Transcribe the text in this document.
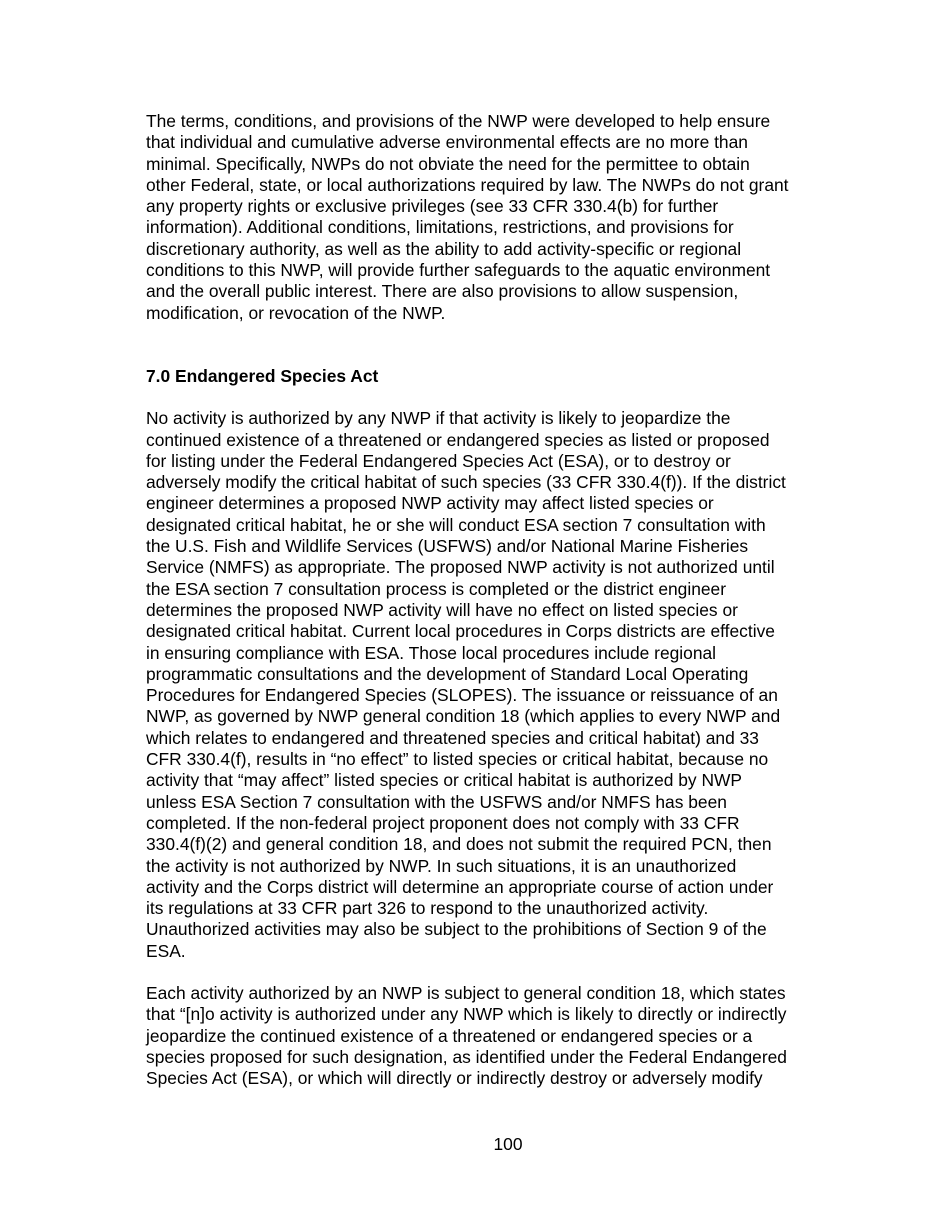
The terms, conditions, and provisions of the NWP were developed to help ensure
that individual and cumulative adverse environmental effects are no more than
minimal. Specifically, NWPs do not obviate the need for the permittee to obtain
other Federal, state, or local authorizations required by law. The NWPs do not grant
any property rights or exclusive privileges (see 33 CFR 330.4(b) for further
information). Additional conditions, limitations, restrictions, and provisions for
discretionary authority, as well as the ability to add activity-specific or regional
conditions to this NWP, will provide further safeguards to the aquatic environment
and the overall public interest. There are also provisions to allow suspension,
modification, or revocation of the NWP.

7.0 Endangered Species Act

No activity is authorized by any NWP if that activity is likely to jeopardize the
continued existence of a threatened or endangered species as listed or proposed
for listing under the Federal Endangered Species Act (ESA), or to destroy or
adversely modify the critical habitat of such species (33 CFR 330.4(f)). If the district
engineer determines a proposed NWP activity may affect listed species or
designated critical habitat, he or she will conduct ESA section 7 consultation with
the U.S. Fish and Wildlife Services (USFWS) and/or National Marine Fisheries
Service (NMFS) as appropriate. The proposed NWP activity is not authorized until
the ESA section 7 consultation process is completed or the district engineer
determines the proposed NWP activity will have no effect on listed species or
designated critical habitat. Current local procedures in Corps districts are effective
in ensuring compliance with ESA. Those local procedures include regional
programmatic consultations and the development of Standard Local Operating
Procedures for Endangered Species (SLOPES). The issuance or reissuance of an
NWP, as governed by NWP general condition 18 (which applies to every NWP and
which relates to endangered and threatened species and critical habitat) and 33
CFR 330.4(f), results in “no effect” to listed species or critical habitat, because no
activity that “may affect” listed species or critical habitat is authorized by NWP
unless ESA Section 7 consultation with the USFWS and/or NMFS has been
completed. If the non-federal project proponent does not comply with 33 CFR
330.4(f)(2) and general condition 18, and does not submit the required PCN, then
the activity is not authorized by NWP. In such situations, it is an unauthorized
activity and the Corps district will determine an appropriate course of action under
its regulations at 33 CFR part 326 to respond to the unauthorized activity.
Unauthorized activities may also be subject to the prohibitions of Section 9 of the
ESA.

Each activity authorized by an NWP is subject to general condition 18, which states
that “[n]o activity is authorized under any NWP which is likely to directly or indirectly
jeopardize the continued existence of a threatened or endangered species or a
species proposed for such designation, as identified under the Federal Endangered
Species Act (ESA), or which will directly or indirectly destroy or adversely modify

100
